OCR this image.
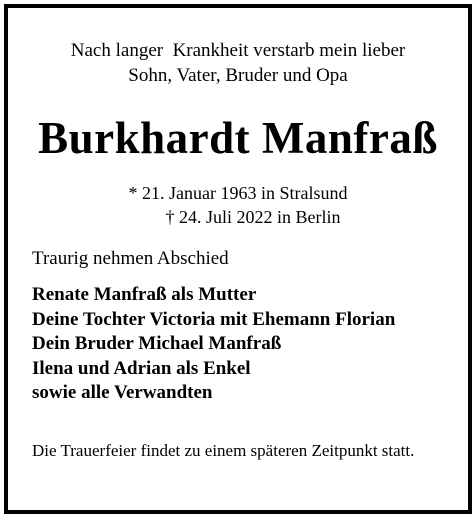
Nach langer  Krankheit verstarb mein lieber
Sohn, Vater, Bruder und Opa
Burkhardt Manfraß
* 21. Januar 1963 in Stralsund
† 24. Juli 2022 in Berlin
Traurig nehmen Abschied
Renate Manfraß als Mutter
Deine Tochter Victoria mit Ehemann Florian
Dein Bruder Michael Manfraß
Ilena und Adrian als Enkel
sowie alle Verwandten
Die Trauerfeier findet zu einem späteren Zeitpunkt statt.
